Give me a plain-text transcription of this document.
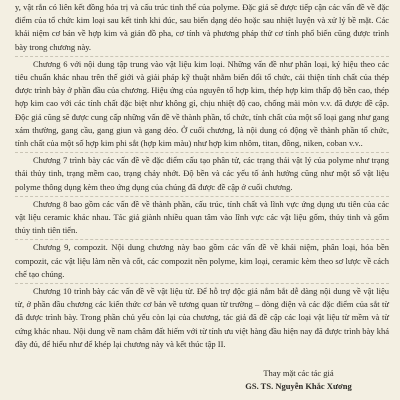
y, vật rắn có liên kết đồng hóa trị và cấu trúc tinh thể của polyme. Đặc giả sẽ được tiếp cận các vấn đề về đặc điểm của tổ chức kim loại sau kết tinh khi đúc, sau biến dạng dẻo hoặc sau nhiệt luyện và xử lý bề mặt. Các khái niệm cơ bản về hợp kim và giản đồ pha, cơ tính và phương pháp thử cơ tính phổ biến cũng được trình bày trong chương này.

Chương 6 với nội dung tập trung vào vật liệu kim loại. Những vấn đề như phân loại, ký hiệu theo các tiêu chuẩn khác nhau trên thế giới và giải pháp kỹ thuật nhằm biến đổi tổ chức, cải thiện tính chất của thép được trình bày ở phần đầu của chương. Hiệu ứng của nguyên tố hợp kim, thép hợp kim thấp độ bền cao, thép hợp kim cao với các tính chất đặc biệt như không gỉ, chịu nhiệt độ cao, chống mài mòn v.v. đã được đề cập. Độc giả cũng sẽ được cung cấp những vấn đề về thành phần, tổ chức, tính chất của một số loại gang như gang xám thường, gang cầu, gang giun và gang dẻo. Ở cuối chương, là nội dung có động về thành phần tổ chức, tính chất của một số hợp kim phi sắt (hợp kim màu) như hợp kim nhôm, titan, đồng, niken, coban v.v..

Chương 7 trình bày các vấn đề về đặc điểm cấu tạo phân tử, các trạng thái vật lý của polyme như trạng thái thủy tinh, trạng mềm cao, trạng chảy nhớt. Độ bền và các yếu tố ảnh hưởng cũng như một số vật liệu polyme thông dụng kèm theo ứng dụng của chúng đã được đề cập ở cuối chương.

Chương 8 bao gồm các vấn đề về thành phần, cấu trúc, tính chất và lĩnh vực ứng dụng ưu tiên của các vật liệu ceramic khác nhau. Tác giả giành nhiều quan tâm vào lĩnh vực các vật liệu gốm, thủy tinh và gốm thủy tinh tiên tiến.

Chương 9, compozit. Nội dung chương này bao gồm các vấn đề về khái niệm, phân loại, hóa bền compozit, các vật liệu làm nền và cốt, các compozit nền polyme, kim loại, ceramic kèm theo sơ lược về cách chế tạo chúng.

Chương 10 trình bày các vấn đề về vật liệu từ. Để hỗ trợ độc giả nắm bắt dễ dàng nội dung về vật liệu từ, ở phần đầu chương các kiến thức cơ bản về tương quan từ trường – dòng điện và các đặc điểm của sắt từ đã được trình bày. Trong phần chủ yếu còn lại của chương, tác giả đã đề cập các loại vật liệu từ mềm và từ cứng khác nhau. Nội dung về nam châm đất hiếm với từ tính ưu việt hàng đầu hiện nay đã được trình bày khá đầy đủ, để hiểu như để khép lại chương này và kết thúc tập II.

Thay mặt các tác giả
GS. TS. Nguyễn Khắc Xương
